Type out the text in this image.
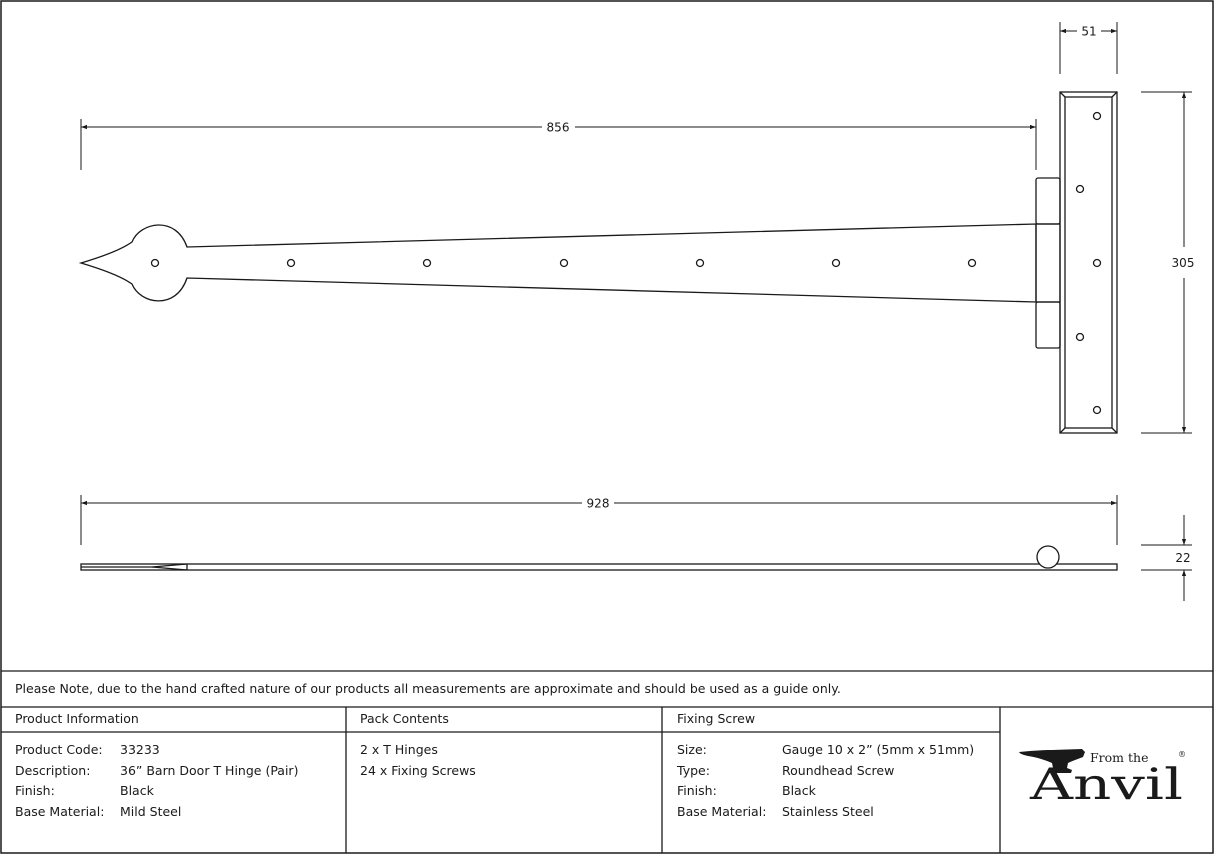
856
51
305
928
22
Please Note, due to the hand crafted nature of our products all measurements are approximate and should be used as a guide only.
Product Information
Product Code: 33233
Description: 36” Barn Door T Hinge (Pair)
Finish:	Black
Base Material: Mild Steel
Pack Contents
2 x T Hinges
24 x Fixing Screws
Fixing Screw
Size:	Gauge 10 x 2” (5mm x 51mm)
Type:	Roundhead Screw
Finish:	Black
Base Material: Stainless Steel
From the
Anvil
®
